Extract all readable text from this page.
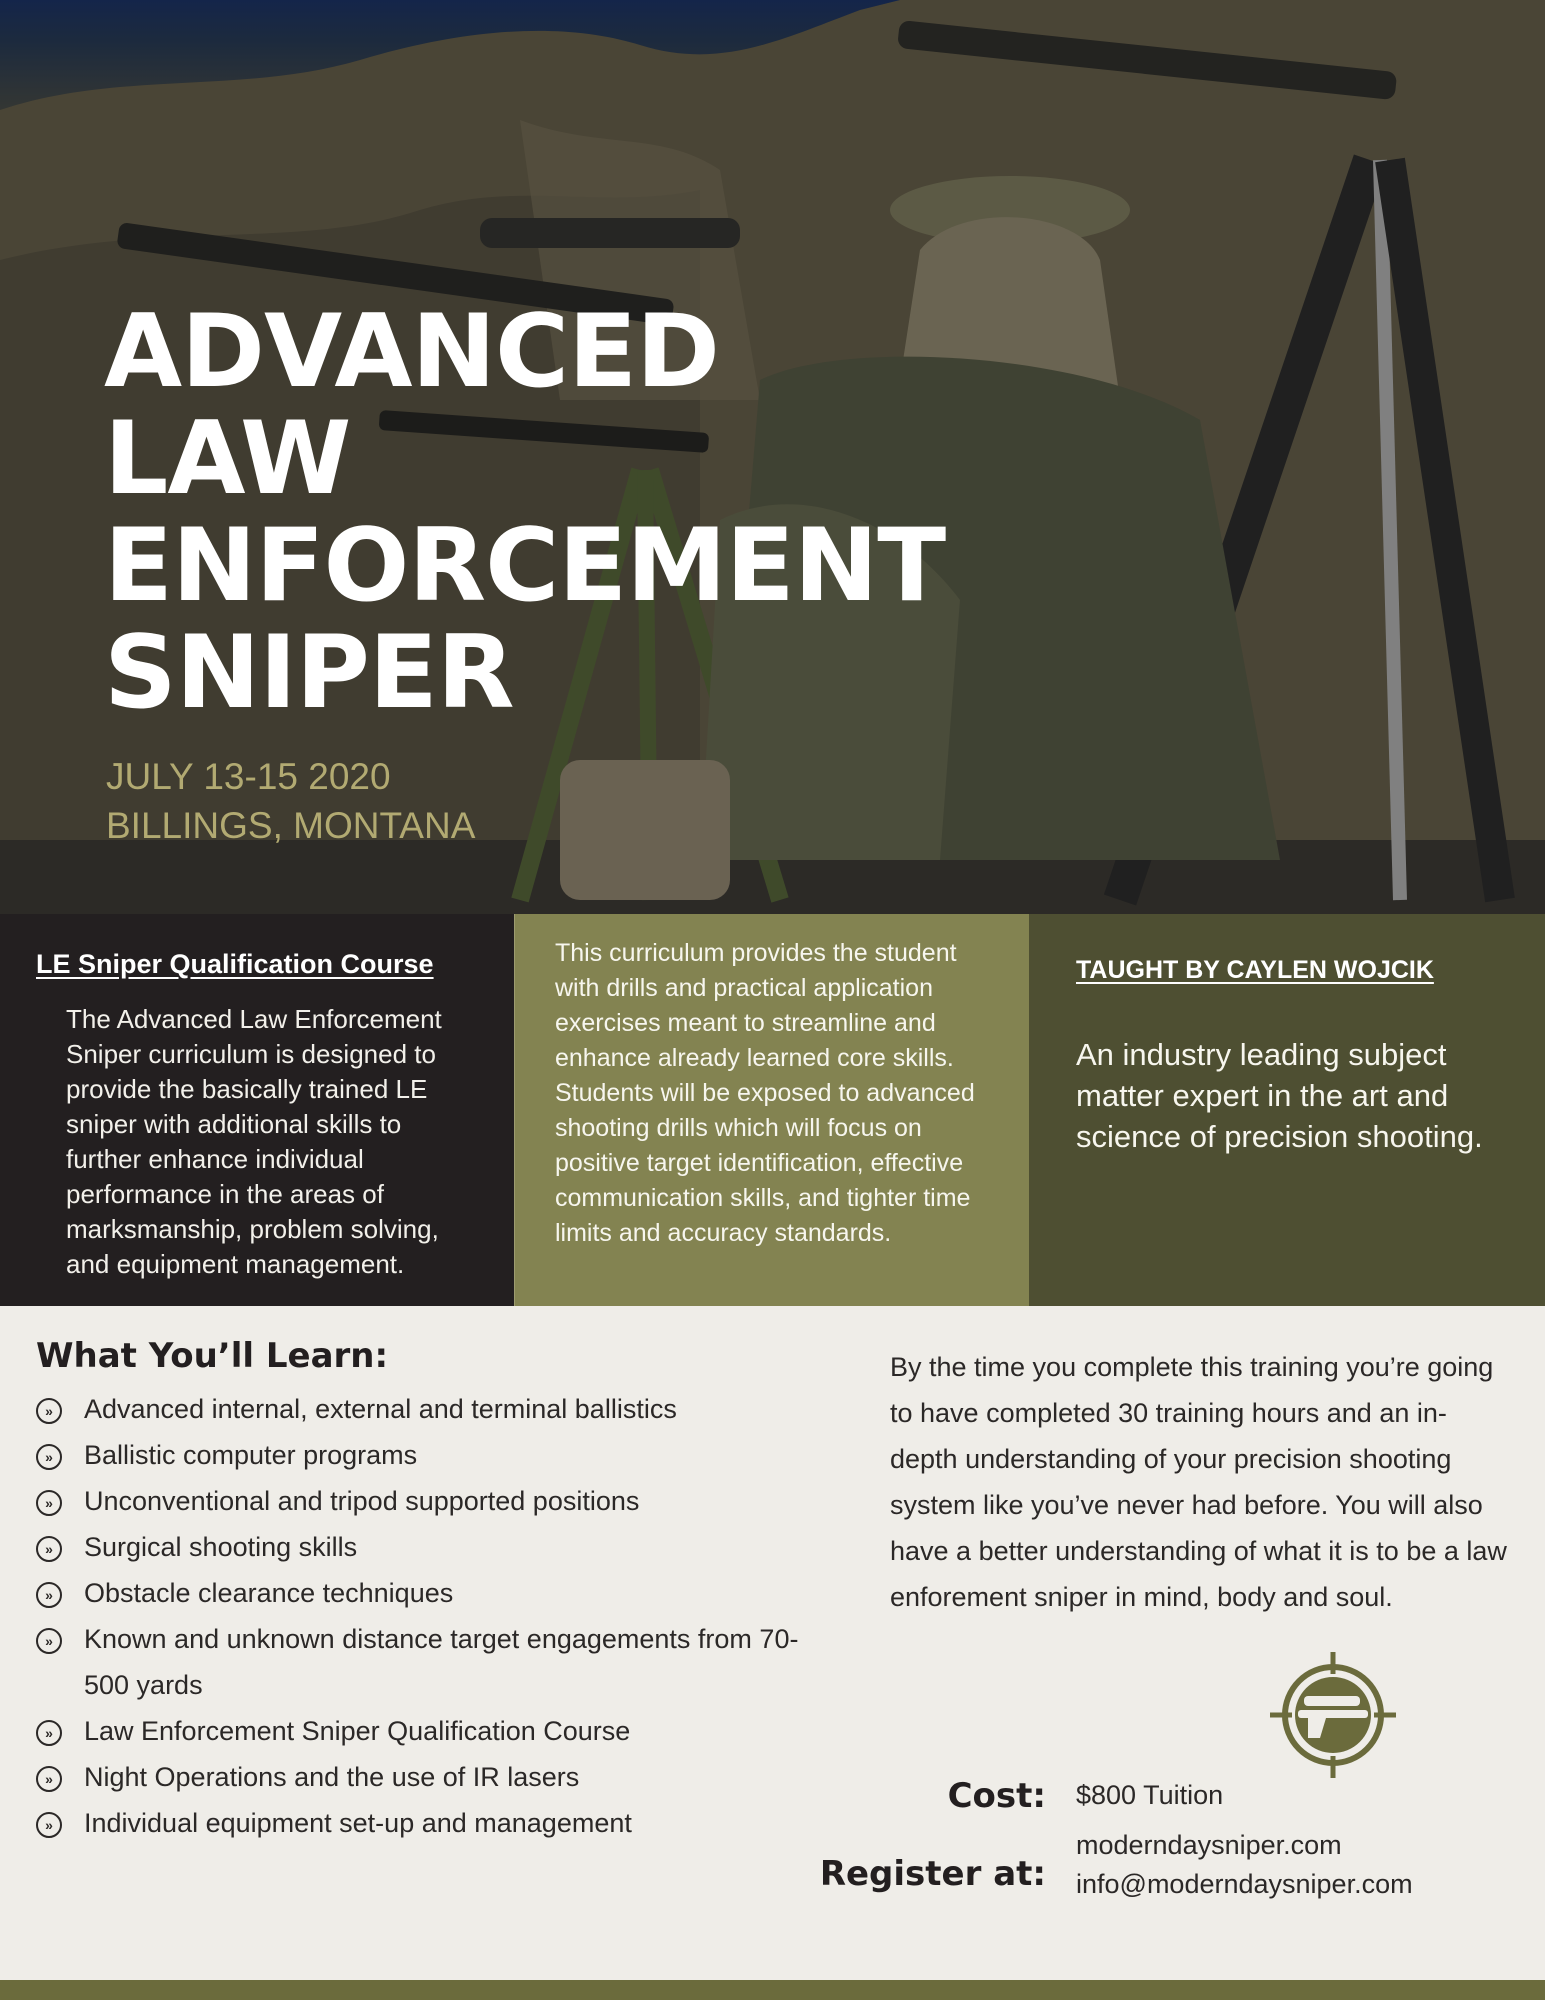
ADVANCED
LAW
ENFORCEMENT
SNIPER
JULY 13-15 2020
BILLINGS, MONTANA
LE Sniper Qualification Course

The Advanced Law Enforcement Sniper curriculum is designed to provide the basically trained LE sniper with additional skills to further enhance individual performance in the areas of marksmanship, problem solving, and equipment management.

This curriculum provides the student with drills and practical application exercises meant to streamline and enhance already learned core skills. Students will be exposed to advanced shooting drills which will focus on positive target identification, effective communication skills, and tighter time limits and accuracy standards.

TAUGHT BY CAYLEN WOJCIK

An industry leading subject matter expert in the art and science of precision shooting.

What You’ll Learn:
»	Advanced internal, external and terminal ballistics
»	Ballistic computer programs
»	Unconventional and tripod supported positions
»	Surgical shooting skills
»	Obstacle clearance techniques
»	Known and unknown distance target engagements from 70-500 yards
»	Law Enforcement Sniper Qualification Course
»	Night Operations and the use of IR lasers
»	Individual equipment set-up and management

By the time you complete this training you’re going to have completed 30 training hours and an in-depth understanding of your precision shooting system like you’ve never had before. You will also have a better understanding of what it is to be a law enforement sniper in mind, body and soul.

Cost: $800 Tuition
Register at:
moderndaysniper.com
info@moderndaysniper.com
